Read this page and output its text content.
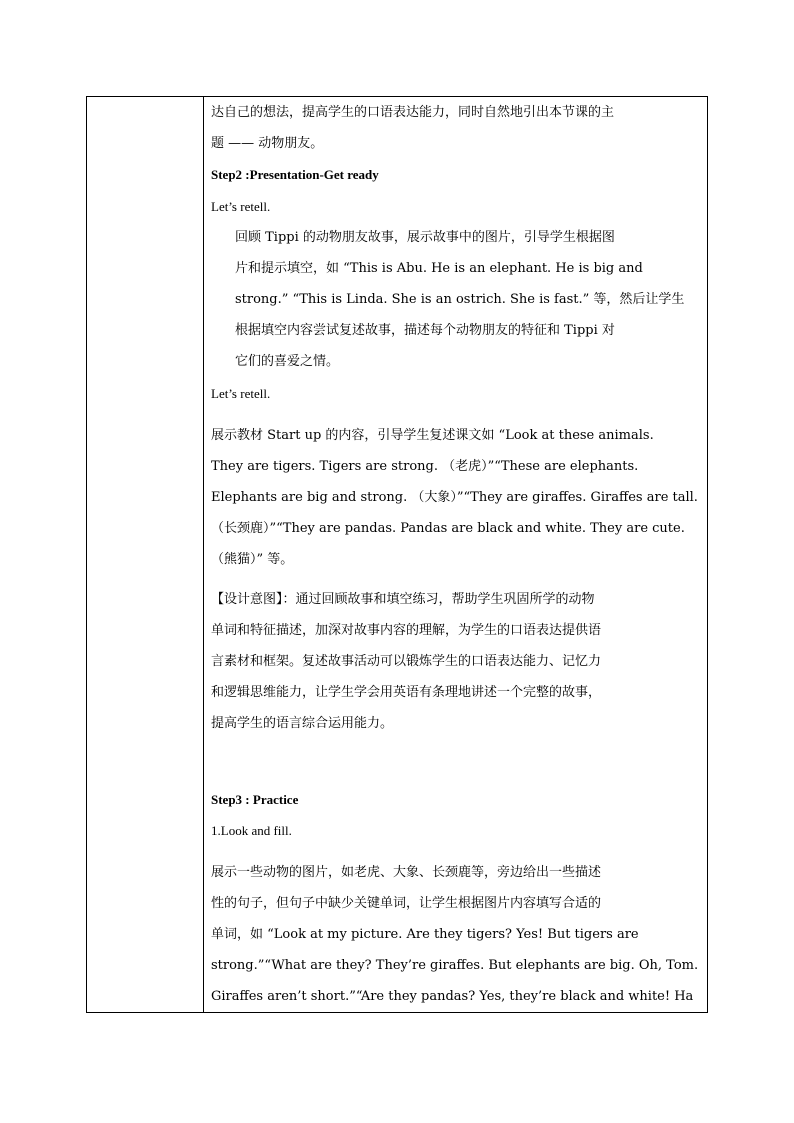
达自己的想法，提高学生的口语表达能力，同时自然地引出本节课的主
题 —— 动物朋友。
Step2 :Presentation-Get ready
Let’s retell.
回顾 Tippi 的动物朋友故事，展示故事中的图片，引导学生根据图
片和提示填空，如 “This is Abu. He is an elephant. He is big and
strong.” “This is Linda. She is an ostrich. She is fast.” 等，然后让学生
根据填空内容尝试复述故事，描述每个动物朋友的特征和 Tippi 对
它们的喜爱之情。
Let’s retell.
展示教材 Start up 的内容，引导学生复述课文如 “Look at these animals.
They are tigers. Tigers are strong. （老虎）”“These are elephants.
Elephants are big and strong. （大象）”“They are giraffes. Giraffes are tall.
（长颈鹿）”“They are pandas. Pandas are black and white. They are cute.
（熊猫）” 等。
【设计意图】：通过回顾故事和填空练习，帮助学生巩固所学的动物
单词和特征描述，加深对故事内容的理解，为学生的口语表达提供语
言素材和框架。复述故事活动可以锻炼学生的口语表达能力、记忆力
和逻辑思维能力，让学生学会用英语有条理地讲述一个完整的故事，
提高学生的语言综合运用能力。
Step3 : Practice
1.Look and fill.
展示一些动物的图片，如老虎、大象、长颈鹿等，旁边给出一些描述
性的句子，但句子中缺少关键单词，让学生根据图片内容填写合适的
单词，如 “Look at my picture. Are they tigers? Yes! But tigers are
strong.”“What are they? They’re giraffes. But elephants are big. Oh, Tom.
Giraffes aren’t short.”“Are they pandas? Yes, they’re black and white! Ha
